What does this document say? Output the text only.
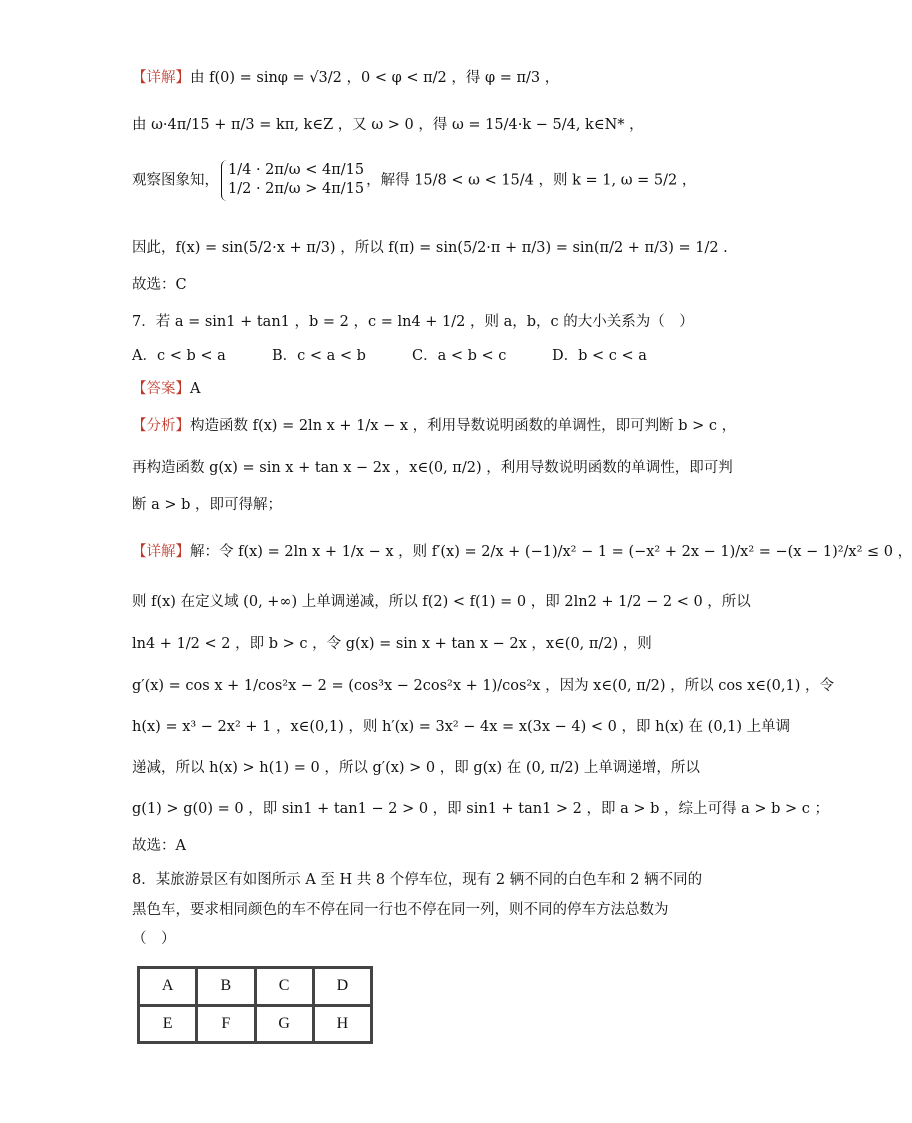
【详解】由 f(0) = sinφ = √3/2 ，0 < φ < π/2 ，得 φ = π/3 ，
由 ω·4π/15 + π/3 = kπ, k∈Z ，又 ω > 0 ，得 ω = 15/4·k − 5/4, k∈N* ，
观察图象知，
1/4 · 2π/ω < 4π/15
1/2 · 2π/ω > 4π/15
，解得 15/8 < ω < 15/4 ，则 k = 1, ω = 5/2 ，
因此，f(x) = sin(5/2·x + π/3) ，所以 f(π) = sin(5/2·π + π/3) = sin(π/2 + π/3) = 1/2 .
故选：C
7．若 a = sin1 + tan1 ，b = 2 ，c = ln4 + 1/2 ，则 a，b，c 的大小关系为（　）
A．c < b < a	B．c < a < b	C．a < b < c	D．b < c < a
【答案】A
【分析】构造函数 f(x) = 2ln x + 1/x − x ，利用导数说明函数的单调性，即可判断 b > c ，
再构造函数 g(x) = sin x + tan x − 2x ，x∈(0, π/2) ，利用导数说明函数的单调性，即可判
断 a > b ，即可得解；
【详解】解：令 f(x) = 2ln x + 1/x − x ，则 f′(x) = 2/x + (−1)/x² − 1 = (−x² + 2x − 1)/x² = −(x − 1)²/x² ≤ 0 ，
则 f(x) 在定义域 (0, +∞) 上单调递减，所以 f(2) < f(1) = 0 ，即 2ln2 + 1/2 − 2 < 0 ，所以
ln4 + 1/2 < 2 ，即 b > c ，令 g(x) = sin x + tan x − 2x ，x∈(0, π/2) ，则
g′(x) = cos x + 1/cos²x − 2 = (cos³x − 2cos²x + 1)/cos²x ，因为 x∈(0, π/2) ，所以 cos x∈(0,1) ，令
h(x) = x³ − 2x² + 1 ，x∈(0,1) ，则 h′(x) = 3x² − 4x = x(3x − 4) < 0 ，即 h(x) 在 (0,1) 上单调
递减，所以 h(x) > h(1) = 0 ，所以 g′(x) > 0 ，即 g(x) 在 (0, π/2) 上单调递增，所以
g(1) > g(0) = 0 ，即 sin1 + tan1 − 2 > 0 ，即 sin1 + tan1 > 2 ，即 a > b ，综上可得 a > b > c ；
故选：A
8．某旅游景区有如图所示 A 至 H 共 8 个停车位，现有 2 辆不同的白色车和 2 辆不同的
黑色车，要求相同颜色的车不停在同一行也不停在同一列，则不同的停车方法总数为
（　）
A	B	C	D
E	F	G	H
